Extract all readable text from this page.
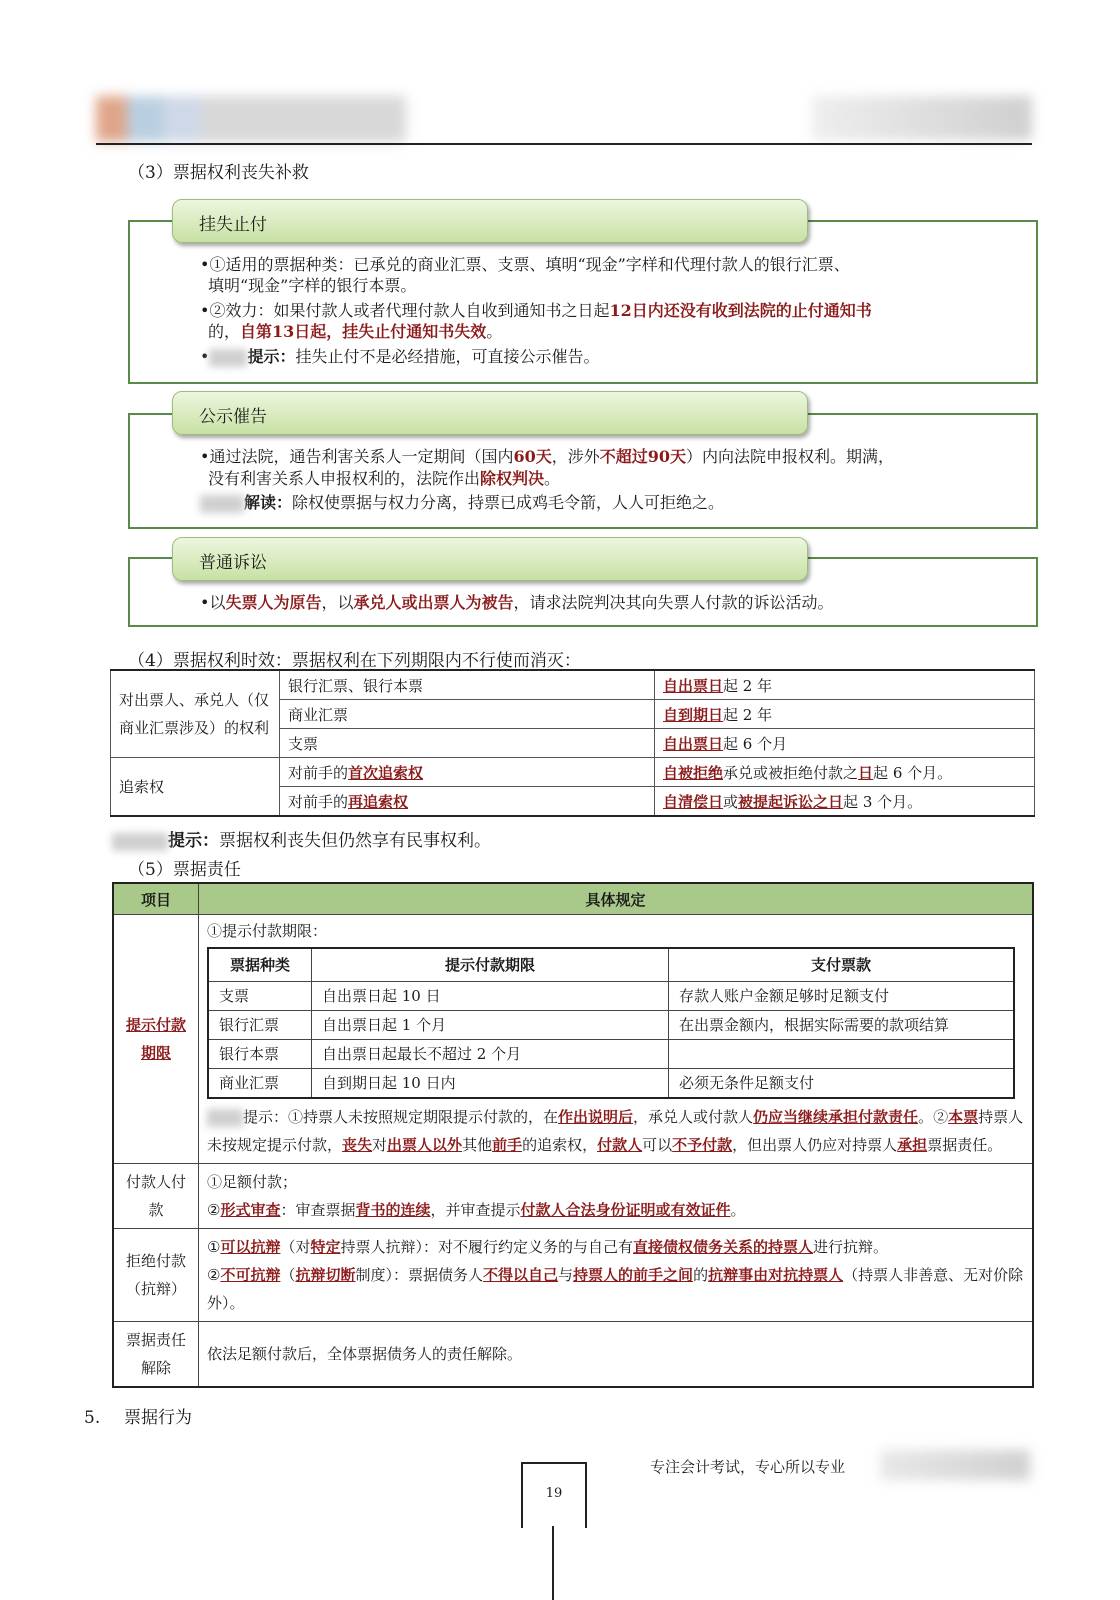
（3）票据权利丧失补救
挂失止付
•①适用的票据种类：已承兑的商业汇票、支票、填明“现金”字样和代理付款人的银行汇票、
填明“现金”字样的银行本票。
•②效力：如果付款人或者代理付款人自收到通知书之日起12日内还没有收到法院的止付通知书
的，自第13日起，挂失止付通知书失效。
• 提示：挂失止付不是必经措施，可直接公示催告。
公示催告
•通过法院，通告利害关系人一定期间（国内60天，涉外不超过90天）内向法院申报权利。期满，
没有利害关系人申报权利的，法院作出除权判决。
解读：除权使票据与权力分离，持票已成鸡毛令箭，人人可拒绝之。
普通诉讼
•以失票人为原告，以承兑人或出票人为被告，请求法院判决其向失票人付款的诉讼活动。
（4）票据权利时效：票据权利在下列期限内不行使而消灭：
对出票人、承兑人（仅商业汇票涉及）的权利	银行汇票、银行本票	自出票日起 2 年
	商业汇票	自到期日起 2 年
	支票	自出票日起 6 个月
追索权	对前手的首次追索权	自被拒绝承兑或被拒绝付款之日起 6 个月。
	对前手的再追索权	自清偿日或被提起诉讼之日起 3 个月。
提示：票据权利丧失但仍然享有民事权利。
（5）票据责任
项目	具体规定
提示付款期限	
①提示付款期限：
票据种类	提示付款期限	支付票款
支票	自出票日起 10 日	存款人账户金额足够时足额支付
银行汇票	自出票日起 1 个月	在出票金额内，根据实际需要的款项结算
银行本票	自出票日起最长不超过 2 个月	
商业汇票	自到期日起 10 日内	必须无条件足额支付
提示：①持票人未按照规定期限提示付款的，在作出说明后，承兑人或付款人仍应当继续承担付款责任。②本票持票人未按规定提示付款，丧失对出票人以外其他前手的追索权，付款人可以不予付款，但出票人仍应对持票人承担票据责任。

付款人付款	
①足额付款；
②形式审查：审查票据背书的连续，并审查提示付款人合法身份证明或有效证件。

拒绝付款（抗辩）	
①可以抗辩（对特定持票人抗辩）：对不履行约定义务的与自己有直接债权债务关系的持票人进行抗辩。
②不可抗辩（抗辩切断制度）：票据债务人不得以自己与持票人的前手之间的抗辩事由对抗持票人（持票人非善意、无对价除外）。

票据责任解除	依法足额付款后，全体票据债务人的责任解除。
5. 票据行为
专注会计考试，专心所以专业
19
